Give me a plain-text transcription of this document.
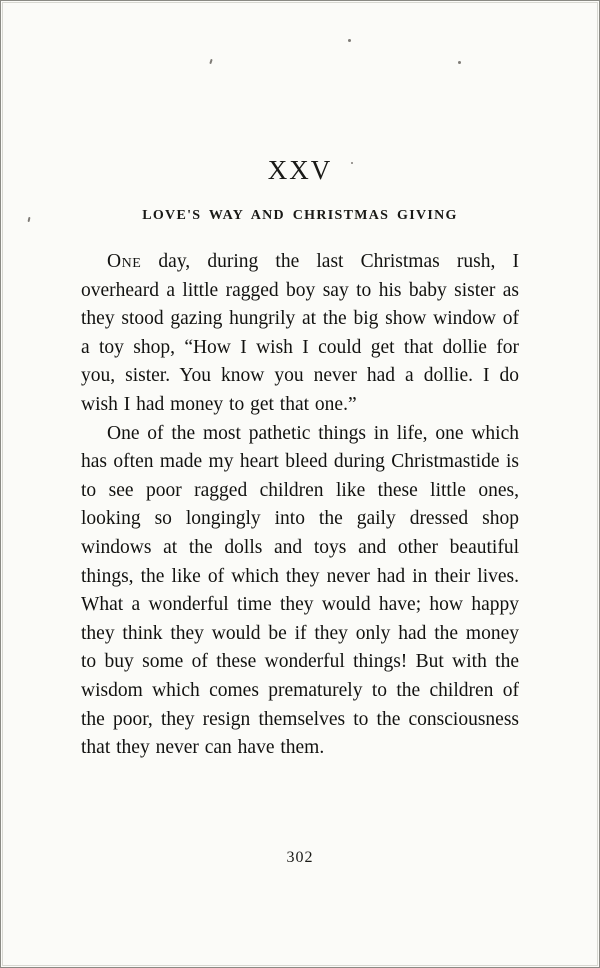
XXV
LOVE'S WAY AND CHRISTMAS GIVING

One day, during the last Christmas rush, I overheard a little ragged boy say to his baby sister as they stood gazing hungrily at the big show window of a toy shop, “How I wish I could get that dollie for you, sister. You know you never had a dollie. I do wish I had money to get that one.”

One of the most pathetic things in life, one which has often made my heart bleed during Christmastide is to see poor ragged children like these little ones, looking so longingly into the gaily dressed shop windows at the dolls and toys and other beautiful things, the like of which they never had in their lives. What a wonderful time they would have; how happy they think they would be if they only had the money to buy some of these wonderful things! But with the wisdom which comes prematurely to the children of the poor, they resign themselves to the consciousness that they never can have them.

302
